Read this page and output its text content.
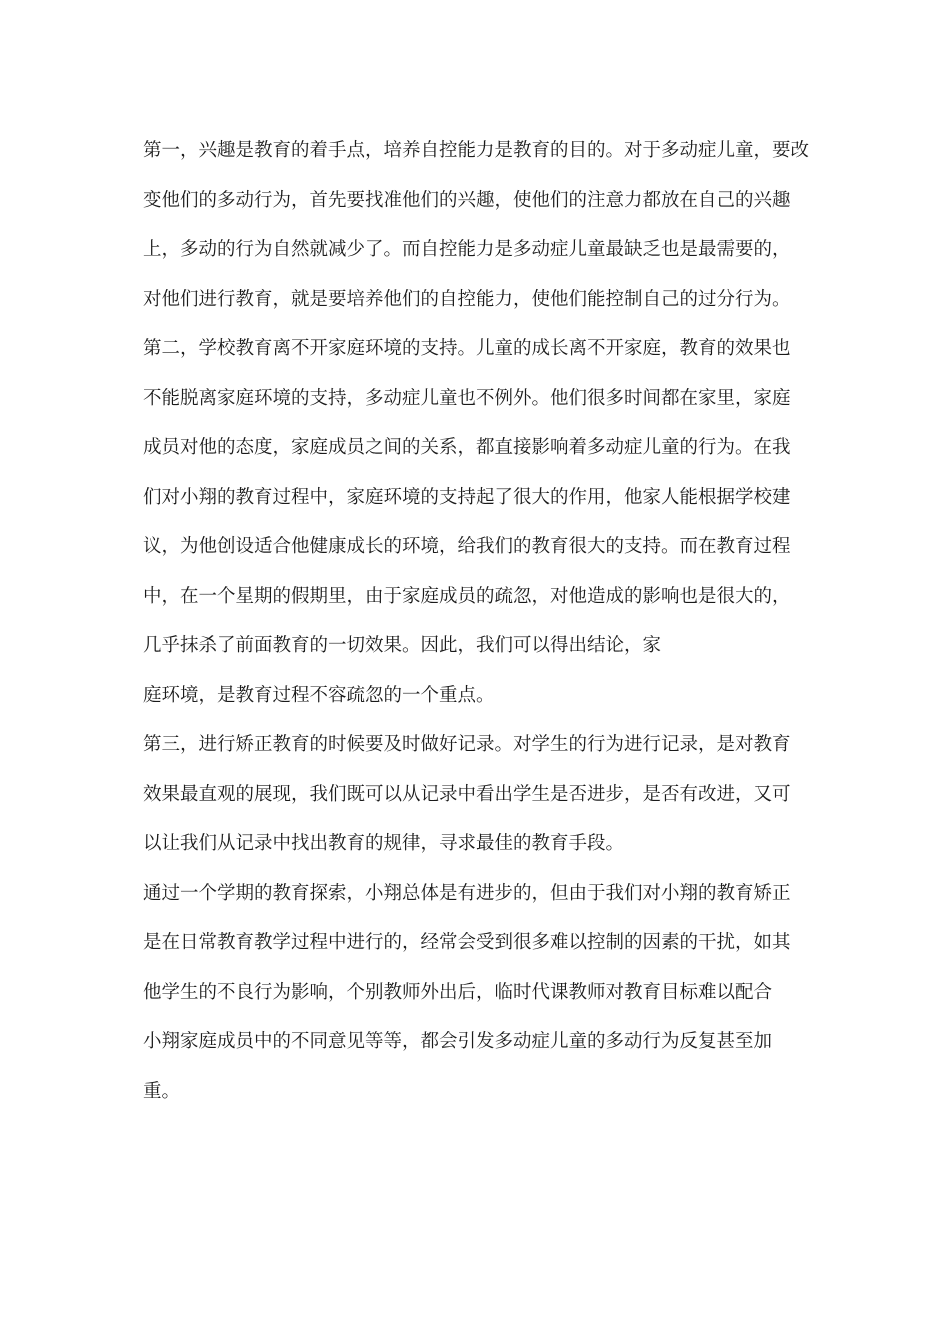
第一，兴趣是教育的着手点，培养自控能力是教育的目的。对于多动症儿童，要改
变他们的多动行为，首先要找准他们的兴趣，使他们的注意力都放在自己的兴趣
上，多动的行为自然就减少了。而自控能力是多动症儿童最缺乏也是最需要的，
对他们进行教育，就是要培养他们的自控能力，使他们能控制自己的过分行为。
第二，学校教育离不开家庭环境的支持。儿童的成长离不开家庭，教育的效果也
不能脱离家庭环境的支持，多动症儿童也不例外。他们很多时间都在家里，家庭
成员对他的态度，家庭成员之间的关系，都直接影响着多动症儿童的行为。在我
们对小翔的教育过程中，家庭环境的支持起了很大的作用，他家人能根据学校建
议，为他创设适合他健康成长的环境，给我们的教育很大的支持。而在教育过程
中，在一个星期的假期里，由于家庭成员的疏忽，对他造成的影响也是很大的，
几乎抹杀了前面教育的一切效果。因此，我们可以得出结论，家
庭环境，是教育过程不容疏忽的一个重点。
第三，进行矫正教育的时候要及时做好记录。对学生的行为进行记录，是对教育
效果最直观的展现，我们既可以从记录中看出学生是否进步，是否有改进，又可
以让我们从记录中找出教育的规律，寻求最佳的教育手段。
通过一个学期的教育探索，小翔总体是有进步的，但由于我们对小翔的教育矫正
是在日常教育教学过程中进行的，经常会受到很多难以控制的因素的干扰，如其
他学生的不良行为影响，个别教师外出后，临时代课教师对教育目标难以配合
小翔家庭成员中的不同意见等等，都会引发多动症儿童的多动行为反复甚至加
重。
